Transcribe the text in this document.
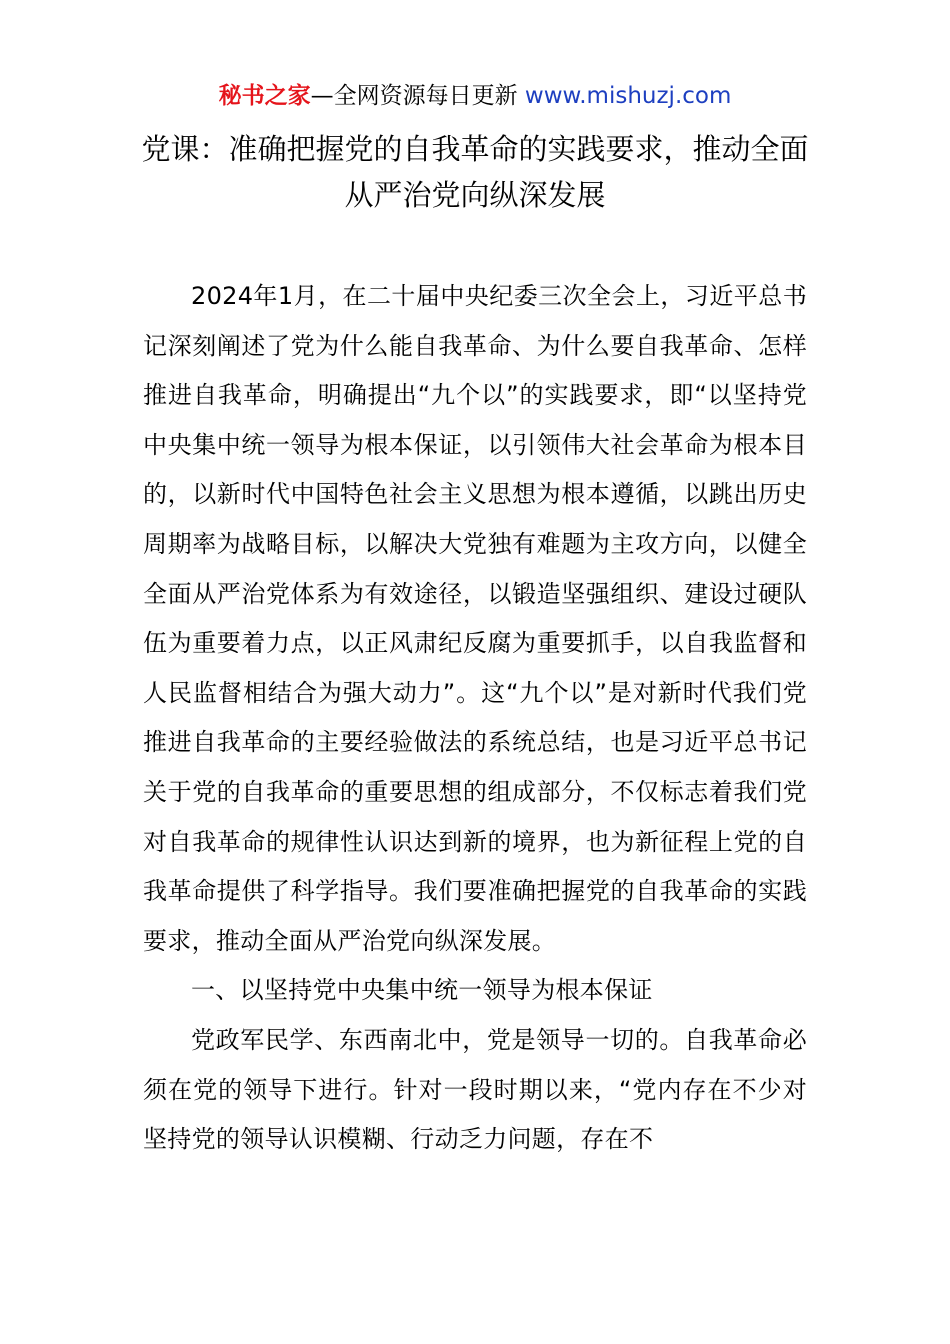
秘书之家—全网资源每日更新 www.mishuzj.com
党课：准确把握党的自我革命的实践要求，推动全面从严治党向纵深发展

2024年1月，在二十届中央纪委三次全会上，习近平总书记深刻阐述了党为什么能自我革命、为什么要自我革命、怎样推进自我革命，明确提出“九个以”的实践要求，即“以坚持党中央集中统一领导为根本保证，以引领伟大社会革命为根本目的，以新时代中国特色社会主义思想为根本遵循，以跳出历史周期率为战略目标，以解决大党独有难题为主攻方向，以健全全面从严治党体系为有效途径，以锻造坚强组织、建设过硬队伍为重要着力点，以正风肃纪反腐为重要抓手，以自我监督和人民监督相结合为强大动力”。这“九个以”是对新时代我们党推进自我革命的主要经验做法的系统总结，也是习近平总书记关于党的自我革命的重要思想的组成部分，不仅标志着我们党对自我革命的规律性认识达到新的境界，也为新征程上党的自我革命提供了科学指导。我们要准确把握党的自我革命的实践要求，推动全面从严治党向纵深发展。

一、以坚持党中央集中统一领导为根本保证

党政军民学、东西南北中，党是领导一切的。自我革命必须在党的领导下进行。针对一段时期以来，“党内存在不少对坚持党的领导认识模糊、行动乏力问题，存在不
